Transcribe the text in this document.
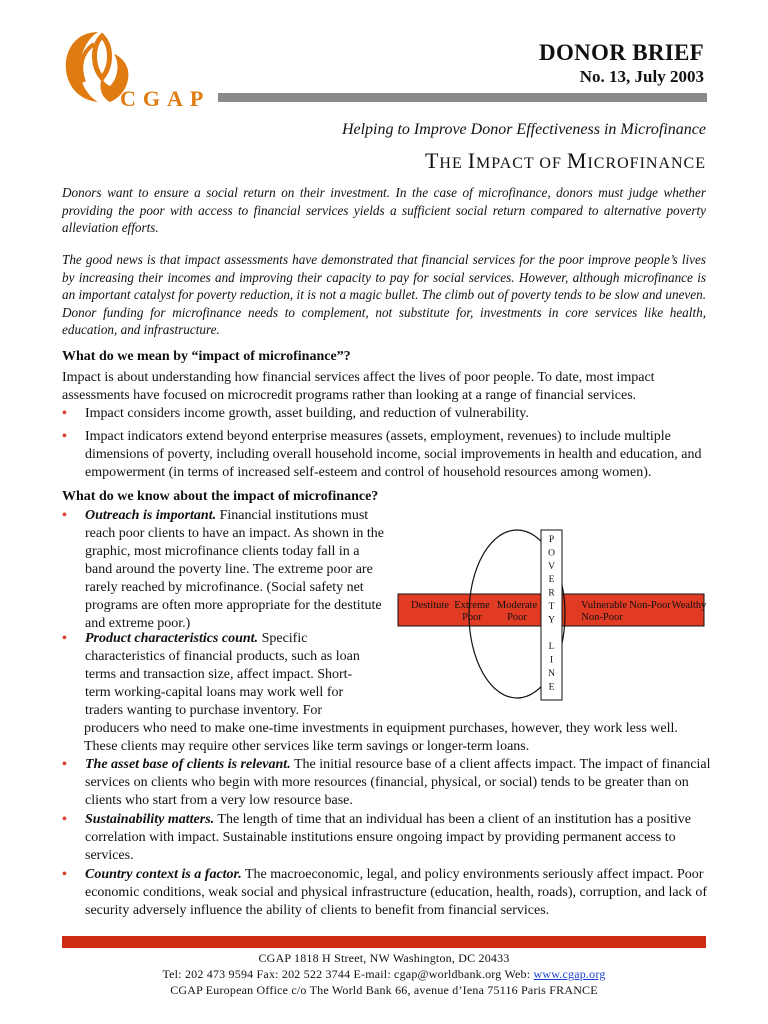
CGAP
DONOR BRIEF
No. 13, July 2003
Helping to Improve Donor Effectiveness in Microfinance
THE IMPACT OF MICROFINANCE
Donors want to ensure a social return on their investment. In the case of microfinance, donors must judge whether providing the poor with access to financial services yields a sufficient social return compared to alternative poverty alleviation efforts.
The good news is that impact assessments have demonstrated that financial services for the poor improve people’s lives by increasing their incomes and improving their capacity to pay for social services. However, although microfinance is an important catalyst for poverty reduction, it is not a magic bullet. The climb out of poverty tends to be slow and uneven. Donor funding for microfinance needs to complement, not substitute for, investments in core services like health, education, and infrastructure.
What do we mean by “impact of microfinance”?
Impact is about understanding how financial services affect the lives of poor people. To date, most impact assessments have focused on microcredit programs rather than looking at a range of financial services.
• Impact considers income growth, asset building, and reduction of vulnerability.
• Impact indicators extend beyond enterprise measures (assets, employment, revenues) to include multiple dimensions of poverty, including overall household income, social improvements in health and education, and empowerment (in terms of increased self-esteem and control of household resources among women).
What do we know about the impact of microfinance?
• Outreach is important. Financial institutions must reach poor clients to have an impact. As shown in the graphic, most microfinance clients today fall in a band around the poverty line. The extreme poor are rarely reached by microfinance. (Social safety net programs are often more appropriate for the destitute and extreme poor.)
• Product characteristics count. Specific characteristics of financial products, such as loan terms and transaction size, affect impact. Short-term working-capital loans may work well for traders wanting to purchase inventory. For
producers who need to make one-time investments in equipment purchases, however, they work less well. These clients may require other services like term savings or longer-term loans.
• The asset base of clients is relevant. The initial resource base of a client affects impact. The impact of financial services on clients who begin with more resources (financial, physical, or social) tends to be greater than on clients who start from a very low resource base.
• Sustainability matters. The length of time that an individual has been a client of an institution has a positive correlation with impact. Sustainable institutions ensure ongoing impact by providing permanent access to services.
• Country context is a factor. The macroeconomic, legal, and policy environments seriously affect impact. Poor economic conditions, weak social and physical infrastructure (education, health, roads), corruption, and lack of security adversely influence the ability of clients to benefit from financial services.
P
O
V
E
R
T
Y
L
I
N
E
Destitute Extreme
Poor
Moderate
Poor
Vulnerable Non-Poor Wealthy
Non-Poor
CGAP 1818 H Street, NW Washington, DC 20433
Tel: 202 473 9594 Fax: 202 522 3744 E-mail: cgap@worldbank.org Web: www.cgap.org
CGAP European Office c/o The World Bank 66, avenue d’Iena 75116 Paris FRANCE
